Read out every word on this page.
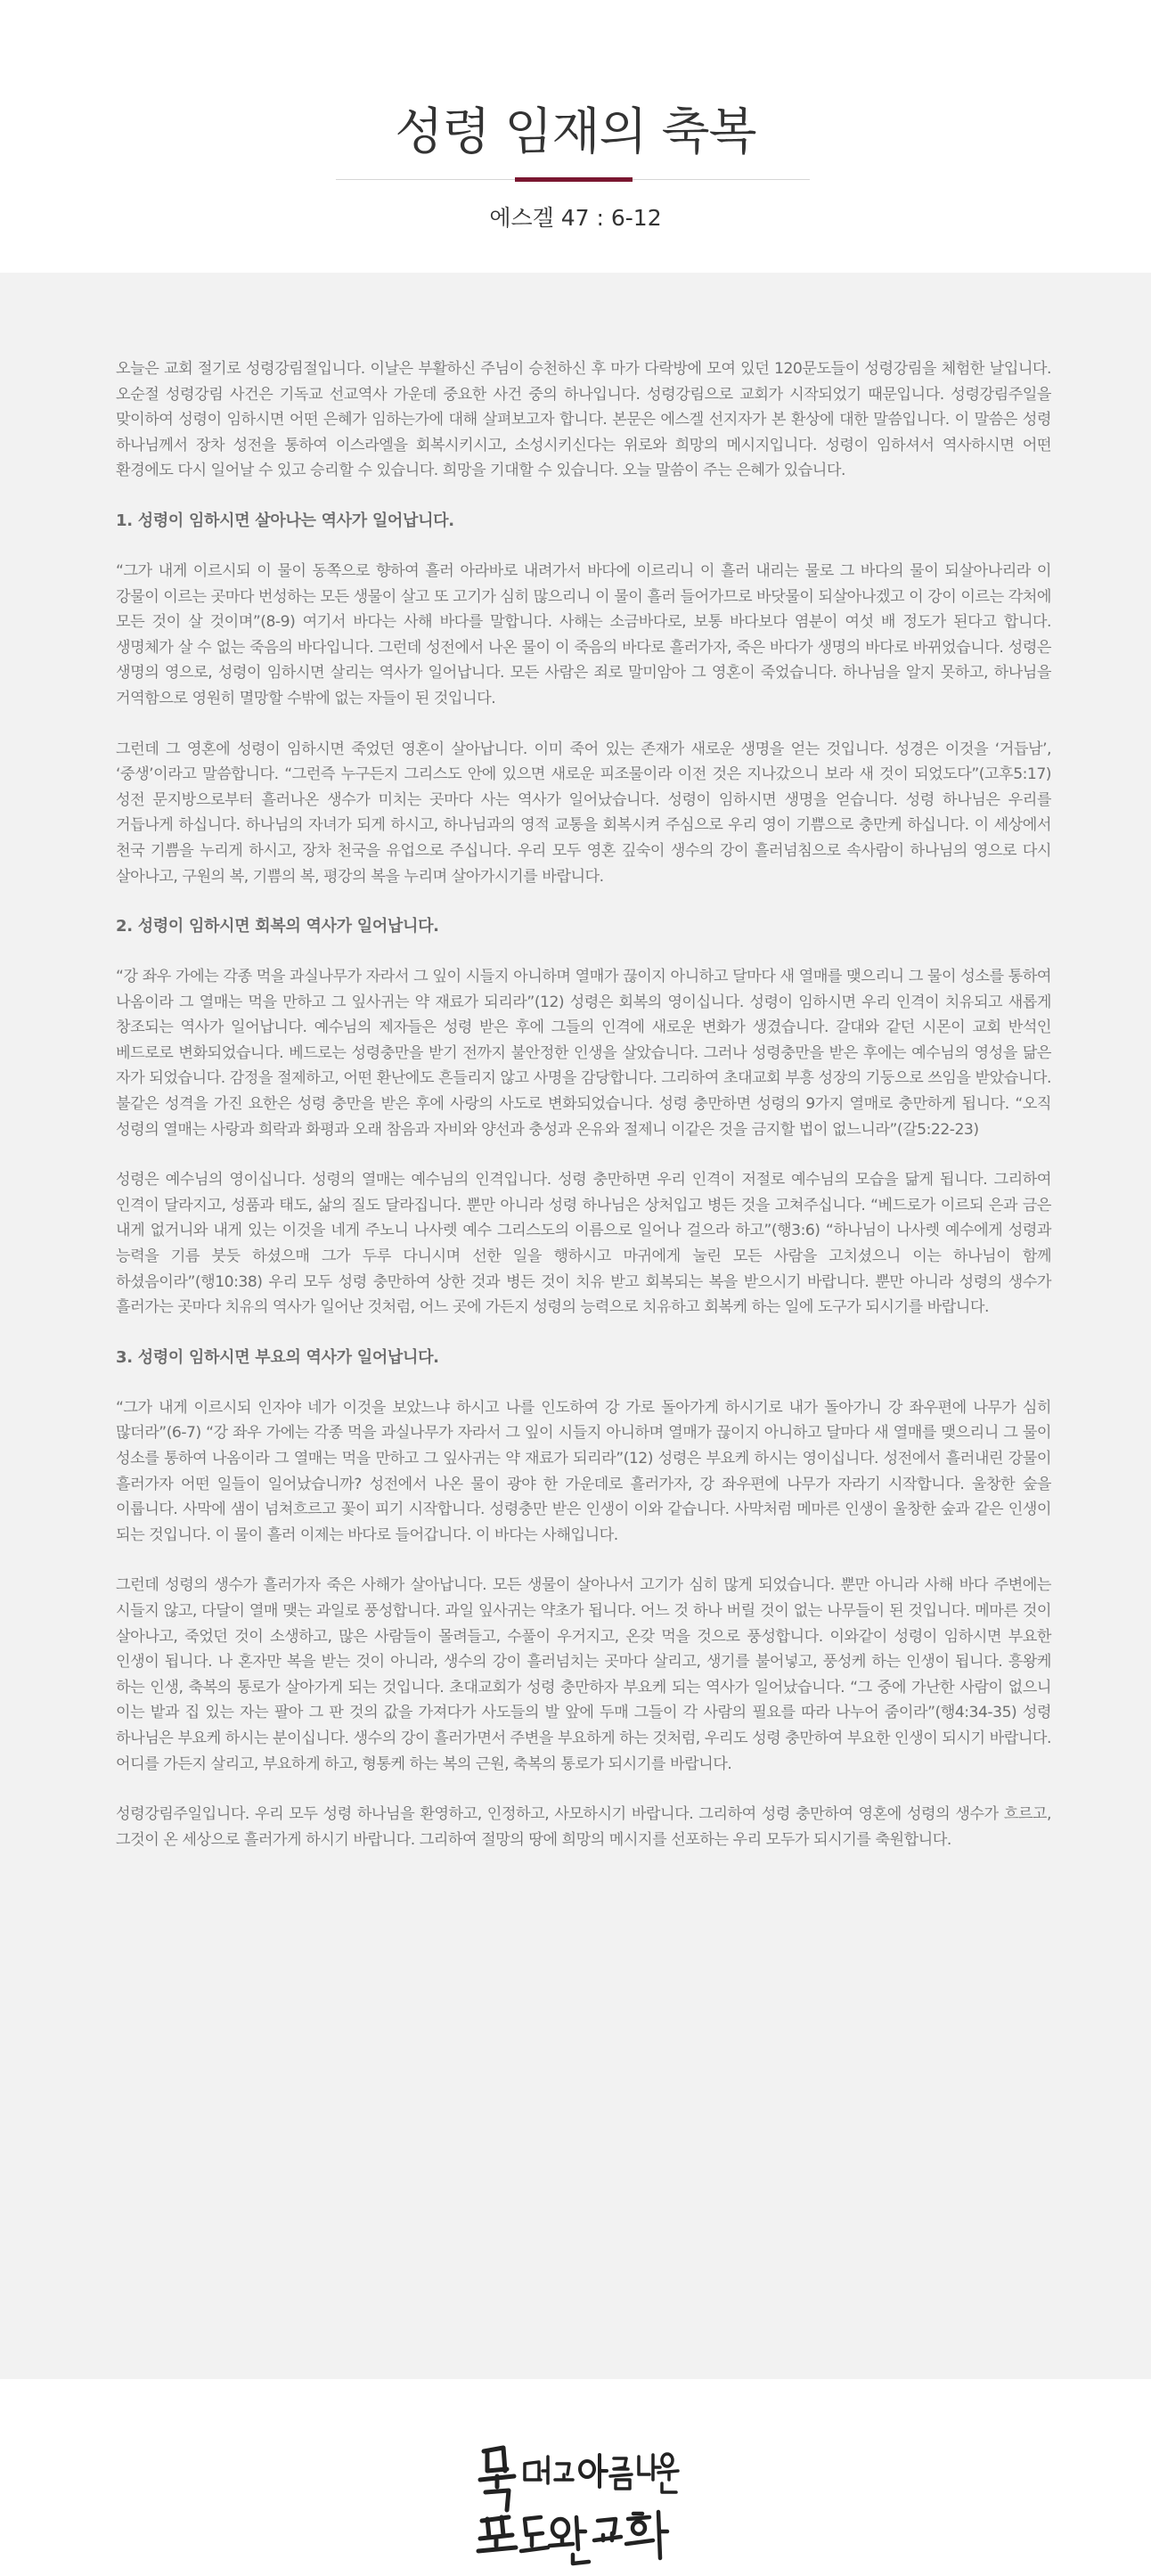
성령 임재의 축복
에스겔 47 : 6-12

오늘은 교회 절기로 성령강림절입니다. 이날은 부활하신 주님이 승천하신 후 마가 다락방에 모여 있던 120문도들이 성령강림을 체험한 날입니다. 오순절 성령강림 사건은 기독교 선교역사 가운데 중요한 사건 중의 하나입니다. 성령강림으로 교회가 시작되었기 때문입니다. 성령강림주일을 맞이하여 성령이 임하시면 어떤 은혜가 임하는가에 대해 살펴보고자 합니다. 본문은 에스겔 선지자가 본 환상에 대한 말씀입니다. 이 말씀은 성령 하나님께서 장차 성전을 통하여 이스라엘을 회복시키시고, 소성시키신다는 위로와 희망의 메시지입니다. 성령이 임하셔서 역사하시면 어떤 환경에도 다시 일어날 수 있고 승리할 수 있습니다. 희망을 기대할 수 있습니다. 오늘 말씀이 주는 은혜가 있습니다.

1. 성령이 임하시면 살아나는 역사가 일어납니다.

“그가 내게 이르시되 이 물이 동쪽으로 향하여 흘러 아라바로 내려가서 바다에 이르리니 이 흘러 내리는 물로 그 바다의 물이 되살아나리라 이 강물이 이르는 곳마다 번성하는 모든 생물이 살고 또 고기가 심히 많으리니 이 물이 흘러 들어가므로 바닷물이 되살아나겠고 이 강이 이르는 각처에 모든 것이 살 것이며”(8-9) 여기서 바다는 사해 바다를 말합니다. 사해는 소금바다로, 보통 바다보다 염분이 여섯 배 정도가 된다고 합니다. 생명체가 살 수 없는 죽음의 바다입니다. 그런데 성전에서 나온 물이 이 죽음의 바다로 흘러가자, 죽은 바다가 생명의 바다로 바뀌었습니다. 성령은 생명의 영으로, 성령이 임하시면 살리는 역사가 일어납니다. 모든 사람은 죄로 말미암아 그 영혼이 죽었습니다. 하나님을 알지 못하고, 하나님을 거역함으로 영원히 멸망할 수밖에 없는 자들이 된 것입니다.

그런데 그 영혼에 성령이 임하시면 죽었던 영혼이 살아납니다. 이미 죽어 있는 존재가 새로운 생명을 얻는 것입니다. 성경은 이것을 ‘거듭남’, ‘중생’이라고 말씀합니다. “그런즉 누구든지 그리스도 안에 있으면 새로운 피조물이라 이전 것은 지나갔으니 보라 새 것이 되었도다”(고후5:17) 성전 문지방으로부터 흘러나온 생수가 미치는 곳마다 사는 역사가 일어났습니다. 성령이 임하시면 생명을 얻습니다. 성령 하나님은 우리를 거듭나게 하십니다. 하나님의 자녀가 되게 하시고, 하나님과의 영적 교통을 회복시켜 주심으로 우리 영이 기쁨으로 충만케 하십니다. 이 세상에서 천국 기쁨을 누리게 하시고, 장차 천국을 유업으로 주십니다. 우리 모두 영혼 깊숙이 생수의 강이 흘러넘침으로 속사람이 하나님의 영으로 다시 살아나고, 구원의 복, 기쁨의 복, 평강의 복을 누리며 살아가시기를 바랍니다.

2. 성령이 임하시면 회복의 역사가 일어납니다.

“강 좌우 가에는 각종 먹을 과실나무가 자라서 그 잎이 시들지 아니하며 열매가 끊이지 아니하고 달마다 새 열매를 맺으리니 그 물이 성소를 통하여 나옴이라 그 열매는 먹을 만하고 그 잎사귀는 약 재료가 되리라”(12) 성령은 회복의 영이십니다. 성령이 임하시면 우리 인격이 치유되고 새롭게 창조되는 역사가 일어납니다. 예수님의 제자들은 성령 받은 후에 그들의 인격에 새로운 변화가 생겼습니다. 갈대와 같던 시몬이 교회 반석인 베드로로 변화되었습니다. 베드로는 성령충만을 받기 전까지 불안정한 인생을 살았습니다. 그러나 성령충만을 받은 후에는 예수님의 영성을 닮은 자가 되었습니다. 감정을 절제하고, 어떤 환난에도 흔들리지 않고 사명을 감당합니다. 그리하여 초대교회 부흥 성장의 기둥으로 쓰임을 받았습니다. 불같은 성격을 가진 요한은 성령 충만을 받은 후에 사랑의 사도로 변화되었습니다. 성령 충만하면 성령의 9가지 열매로 충만하게 됩니다. “오직 성령의 열매는 사랑과 희락과 화평과 오래 참음과 자비와 양선과 충성과 온유와 절제니 이같은 것을 금지할 법이 없느니라”(갈5:22-23)

성령은 예수님의 영이십니다. 성령의 열매는 예수님의 인격입니다. 성령 충만하면 우리 인격이 저절로 예수님의 모습을 닮게 됩니다. 그리하여 인격이 달라지고, 성품과 태도, 삶의 질도 달라집니다. 뿐만 아니라 성령 하나님은 상처입고 병든 것을 고쳐주십니다. “베드로가 이르되 은과 금은 내게 없거니와 내게 있는 이것을 네게 주노니 나사렛 예수 그리스도의 이름으로 일어나 걸으라 하고”(행3:6) “하나님이 나사렛 예수에게 성령과 능력을 기름 붓듯 하셨으매 그가 두루 다니시며 선한 일을 행하시고 마귀에게 눌린 모든 사람을 고치셨으니 이는 하나님이 함께 하셨음이라”(행10:38) 우리 모두 성령 충만하여 상한 것과 병든 것이 치유 받고 회복되는 복을 받으시기 바랍니다. 뿐만 아니라 성령의 생수가 흘러가는 곳마다 치유의 역사가 일어난 것처럼, 어느 곳에 가든지 성령의 능력으로 치유하고 회복케 하는 일에 도구가 되시기를 바랍니다.

3. 성령이 임하시면 부요의 역사가 일어납니다.

“그가 내게 이르시되 인자야 네가 이것을 보았느냐 하시고 나를 인도하여 강 가로 돌아가게 하시기로 내가 돌아가니 강 좌우편에 나무가 심히 많더라”(6-7) “강 좌우 가에는 각종 먹을 과실나무가 자라서 그 잎이 시들지 아니하며 열매가 끊이지 아니하고 달마다 새 열매를 맺으리니 그 물이 성소를 통하여 나옴이라 그 열매는 먹을 만하고 그 잎사귀는 약 재료가 되리라”(12) 성령은 부요케 하시는 영이십니다. 성전에서 흘러내린 강물이 흘러가자 어떤 일들이 일어났습니까? 성전에서 나온 물이 광야 한 가운데로 흘러가자, 강 좌우편에 나무가 자라기 시작합니다. 울창한 숲을 이룹니다. 사막에 샘이 넘쳐흐르고 꽃이 피기 시작합니다. 성령충만 받은 인생이 이와 같습니다. 사막처럼 메마른 인생이 울창한 숲과 같은 인생이 되는 것입니다. 이 물이 흘러 이제는 바다로 들어갑니다. 이 바다는 사해입니다.

그런데 성령의 생수가 흘러가자 죽은 사해가 살아납니다. 모든 생물이 살아나서 고기가 심히 많게 되었습니다. 뿐만 아니라 사해 바다 주변에는 시들지 않고, 다달이 열매 맺는 과일로 풍성합니다. 과일 잎사귀는 약초가 됩니다. 어느 것 하나 버릴 것이 없는 나무들이 된 것입니다. 메마른 것이 살아나고, 죽었던 것이 소생하고, 많은 사람들이 몰려들고, 수풀이 우거지고, 온갖 먹을 것으로 풍성합니다. 이와같이 성령이 임하시면 부요한 인생이 됩니다. 나 혼자만 복을 받는 것이 아니라, 생수의 강이 흘러넘치는 곳마다 살리고, 생기를 불어넣고, 풍성케 하는 인생이 됩니다. 흥왕케 하는 인생, 축복의 통로가 살아가게 되는 것입니다. 초대교회가 성령 충만하자 부요케 되는 역사가 일어났습니다. “그 중에 가난한 사람이 없으니 이는 밭과 집 있는 자는 팔아 그 판 것의 값을 가져다가 사도들의 발 앞에 두매 그들이 각 사람의 필요를 따라 나누어 줌이라”(행4:34-35) 성령 하나님은 부요케 하시는 분이십니다. 생수의 강이 흘러가면서 주변을 부요하게 하는 것처럼, 우리도 성령 충만하여 부요한 인생이 되시기 바랍니다. 어디를 가든지 살리고, 부요하게 하고, 형통케 하는 복의 근원, 축복의 통로가 되시기를 바랍니다.

성령강림주일입니다. 우리 모두 성령 하나님을 환영하고, 인정하고, 사모하시기 바랍니다. 그리하여 성령 충만하여 영혼에 성령의 생수가 흐르고, 그것이 온 세상으로 흘러가게 하시기 바랍니다. 그리하여 절망의 땅에 희망의 메시지를 선포하는 우리 모두가 되시기를 축원합니다.
